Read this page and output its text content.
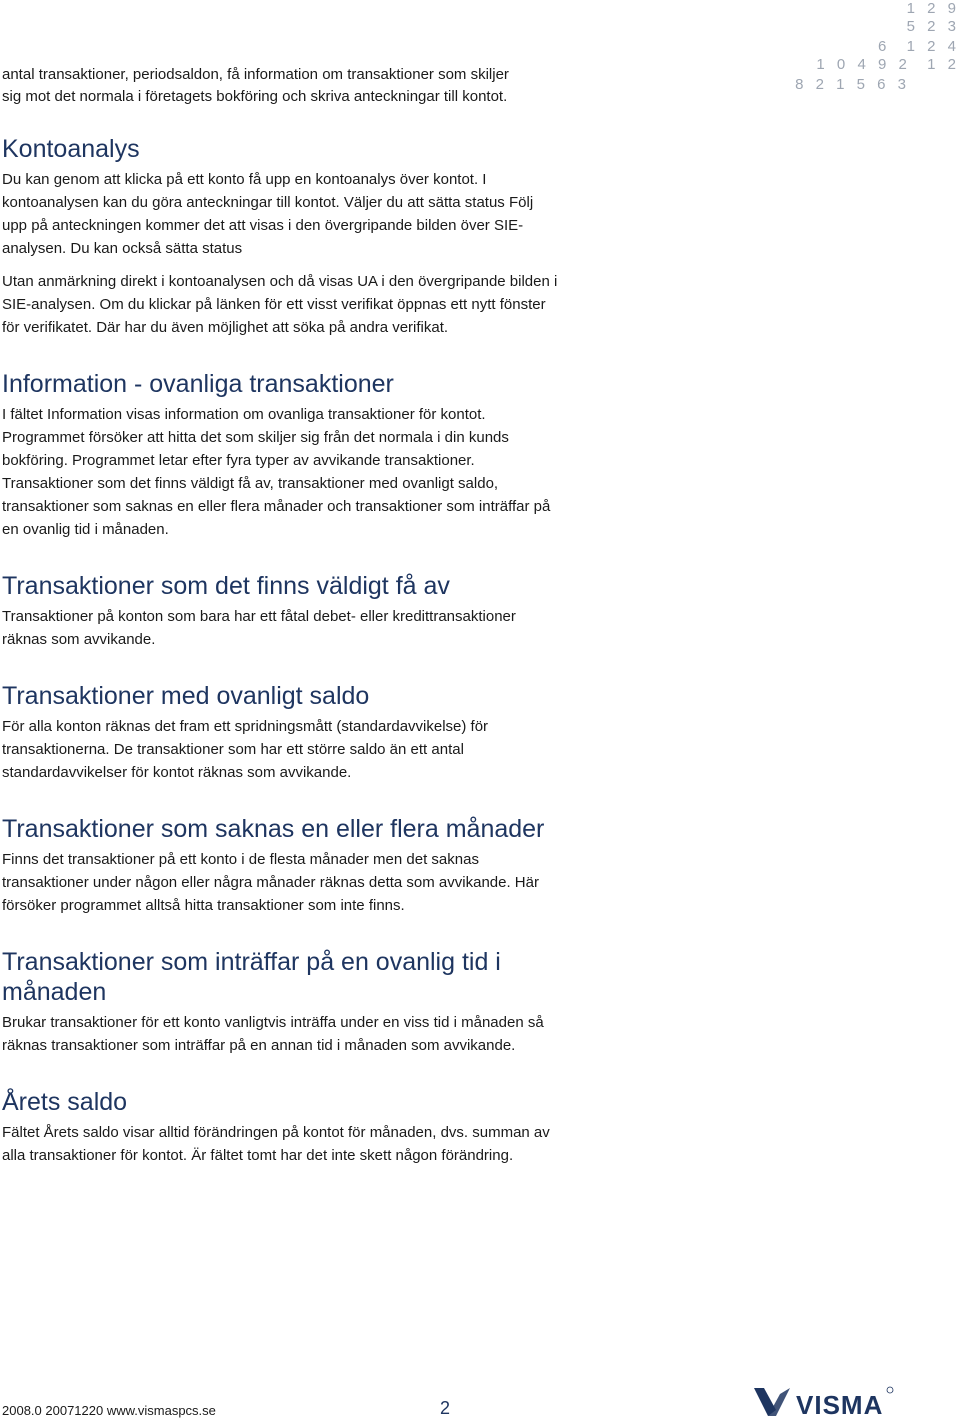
1 2 9
5 2 3
6  1 2 4
1 0 4 9 2  1 2
8 2 1 5 6 3

antal transaktioner, periodsaldon, få information om transaktioner som skiljer

sig mot det normala i företagets bokföring och skriva anteckningar till kontot.

Kontoanalys

Du kan genom att klicka på ett konto få upp en kontoanalys över kontot. I kontoanalysen kan du göra anteckningar till kontot. Väljer du att sätta status Följ upp på anteckningen kommer det att visas i den övergripande bilden över SIE-analysen. Du kan också sätta status

Utan anmärkning direkt i kontoanalysen och då visas UA i den övergripande bilden i SIE-analysen. Om du klickar på länken för ett visst verifikat öppnas ett nytt fönster för verifikatet. Där har du även möjlighet att söka på andra verifikat.

Information - ovanliga transaktioner

I fältet Information visas information om ovanliga transaktioner för kontot. Programmet försöker att hitta det som skiljer sig från det normala i din kunds bokföring. Programmet letar efter fyra typer av avvikande transaktioner. Transaktioner som det finns väldigt få av, transaktioner med ovanligt saldo, transaktioner som saknas en eller flera månader och transaktioner som inträffar på en ovanlig tid i månaden.

Transaktioner som det finns väldigt få av

Transaktioner på konton som bara har ett fåtal debet- eller kredittransaktioner räknas som avvikande.

Transaktioner med ovanligt saldo

För alla konton räknas det fram ett spridningsmått (standardavvikelse) för transaktionerna. De transaktioner som har ett större saldo än ett antal standardavvikelser för kontot räknas som avvikande.

Transaktioner som saknas en eller flera månader

Finns det transaktioner på ett konto i de flesta månader men det saknas transaktioner under någon eller några månader räknas detta som avvikande. Här försöker programmet alltså hitta transaktioner som inte finns.

Transaktioner som inträffar på en ovanlig tid i månaden

Brukar transaktioner för ett konto vanligtvis inträffa under en viss tid i månaden så räknas transaktioner som inträffar på en annan tid i månaden som avvikande.

Årets saldo

Fältet Årets saldo visar alltid förändringen på kontot för månaden, dvs. summan av alla transaktioner för kontot. Är fältet tomt har det inte skett någon förändring.

2008.0 20071220 www.vismaspcs.se	2	VISMA
